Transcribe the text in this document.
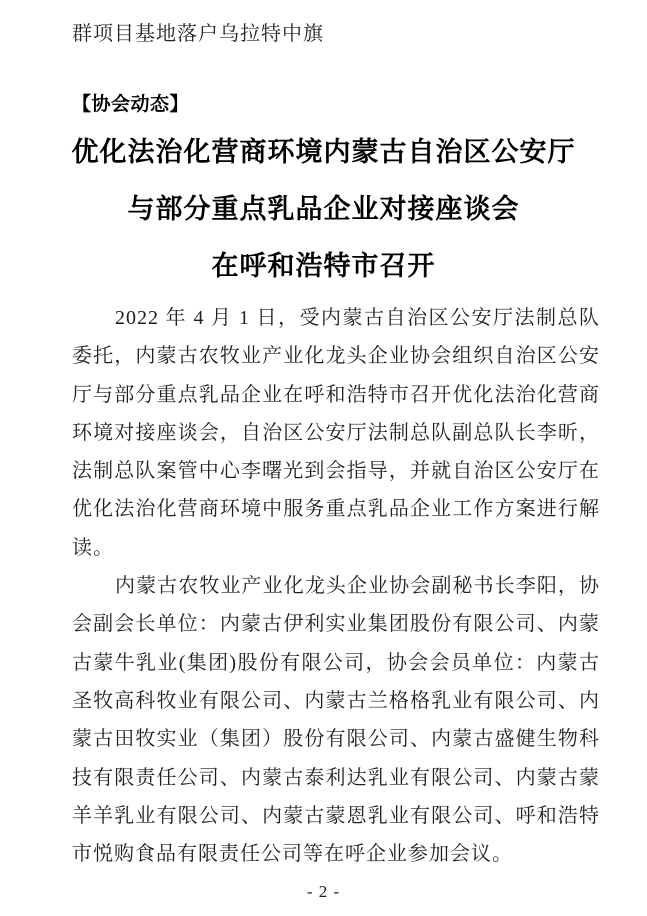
群项目基地落户乌拉特中旗
【协会动态】
优化法治化营商环境内蒙古自治区公安厅
与部分重点乳品企业对接座谈会
在呼和浩特市召开

2022 年 4 月 1 日，受内蒙古自治区公安厅法制总队委托，内蒙古农牧业产业化龙头企业协会组织自治区公安厅与部分重点乳品企业在呼和浩特市召开优化法治化营商环境对接座谈会，自治区公安厅法制总队副总队长李昕，法制总队案管中心李曙光到会指导，并就自治区公安厅在优化法治化营商环境中服务重点乳品企业工作方案进行解读。

内蒙古农牧业产业化龙头企业协会副秘书长李阳，协会副会长单位：内蒙古伊利实业集团股份有限公司、内蒙古蒙牛乳业(集团)股份有限公司，协会会员单位：内蒙古圣牧高科牧业有限公司、内蒙古兰格格乳业有限公司、内蒙古田牧实业（集团）股份有限公司、内蒙古盛健生物科技有限责任公司、内蒙古泰利达乳业有限公司、内蒙古蒙羊羊乳业有限公司、内蒙古蒙恩乳业有限公司、呼和浩特市悦购食品有限责任公司等在呼企业参加会议。

- 2 -
